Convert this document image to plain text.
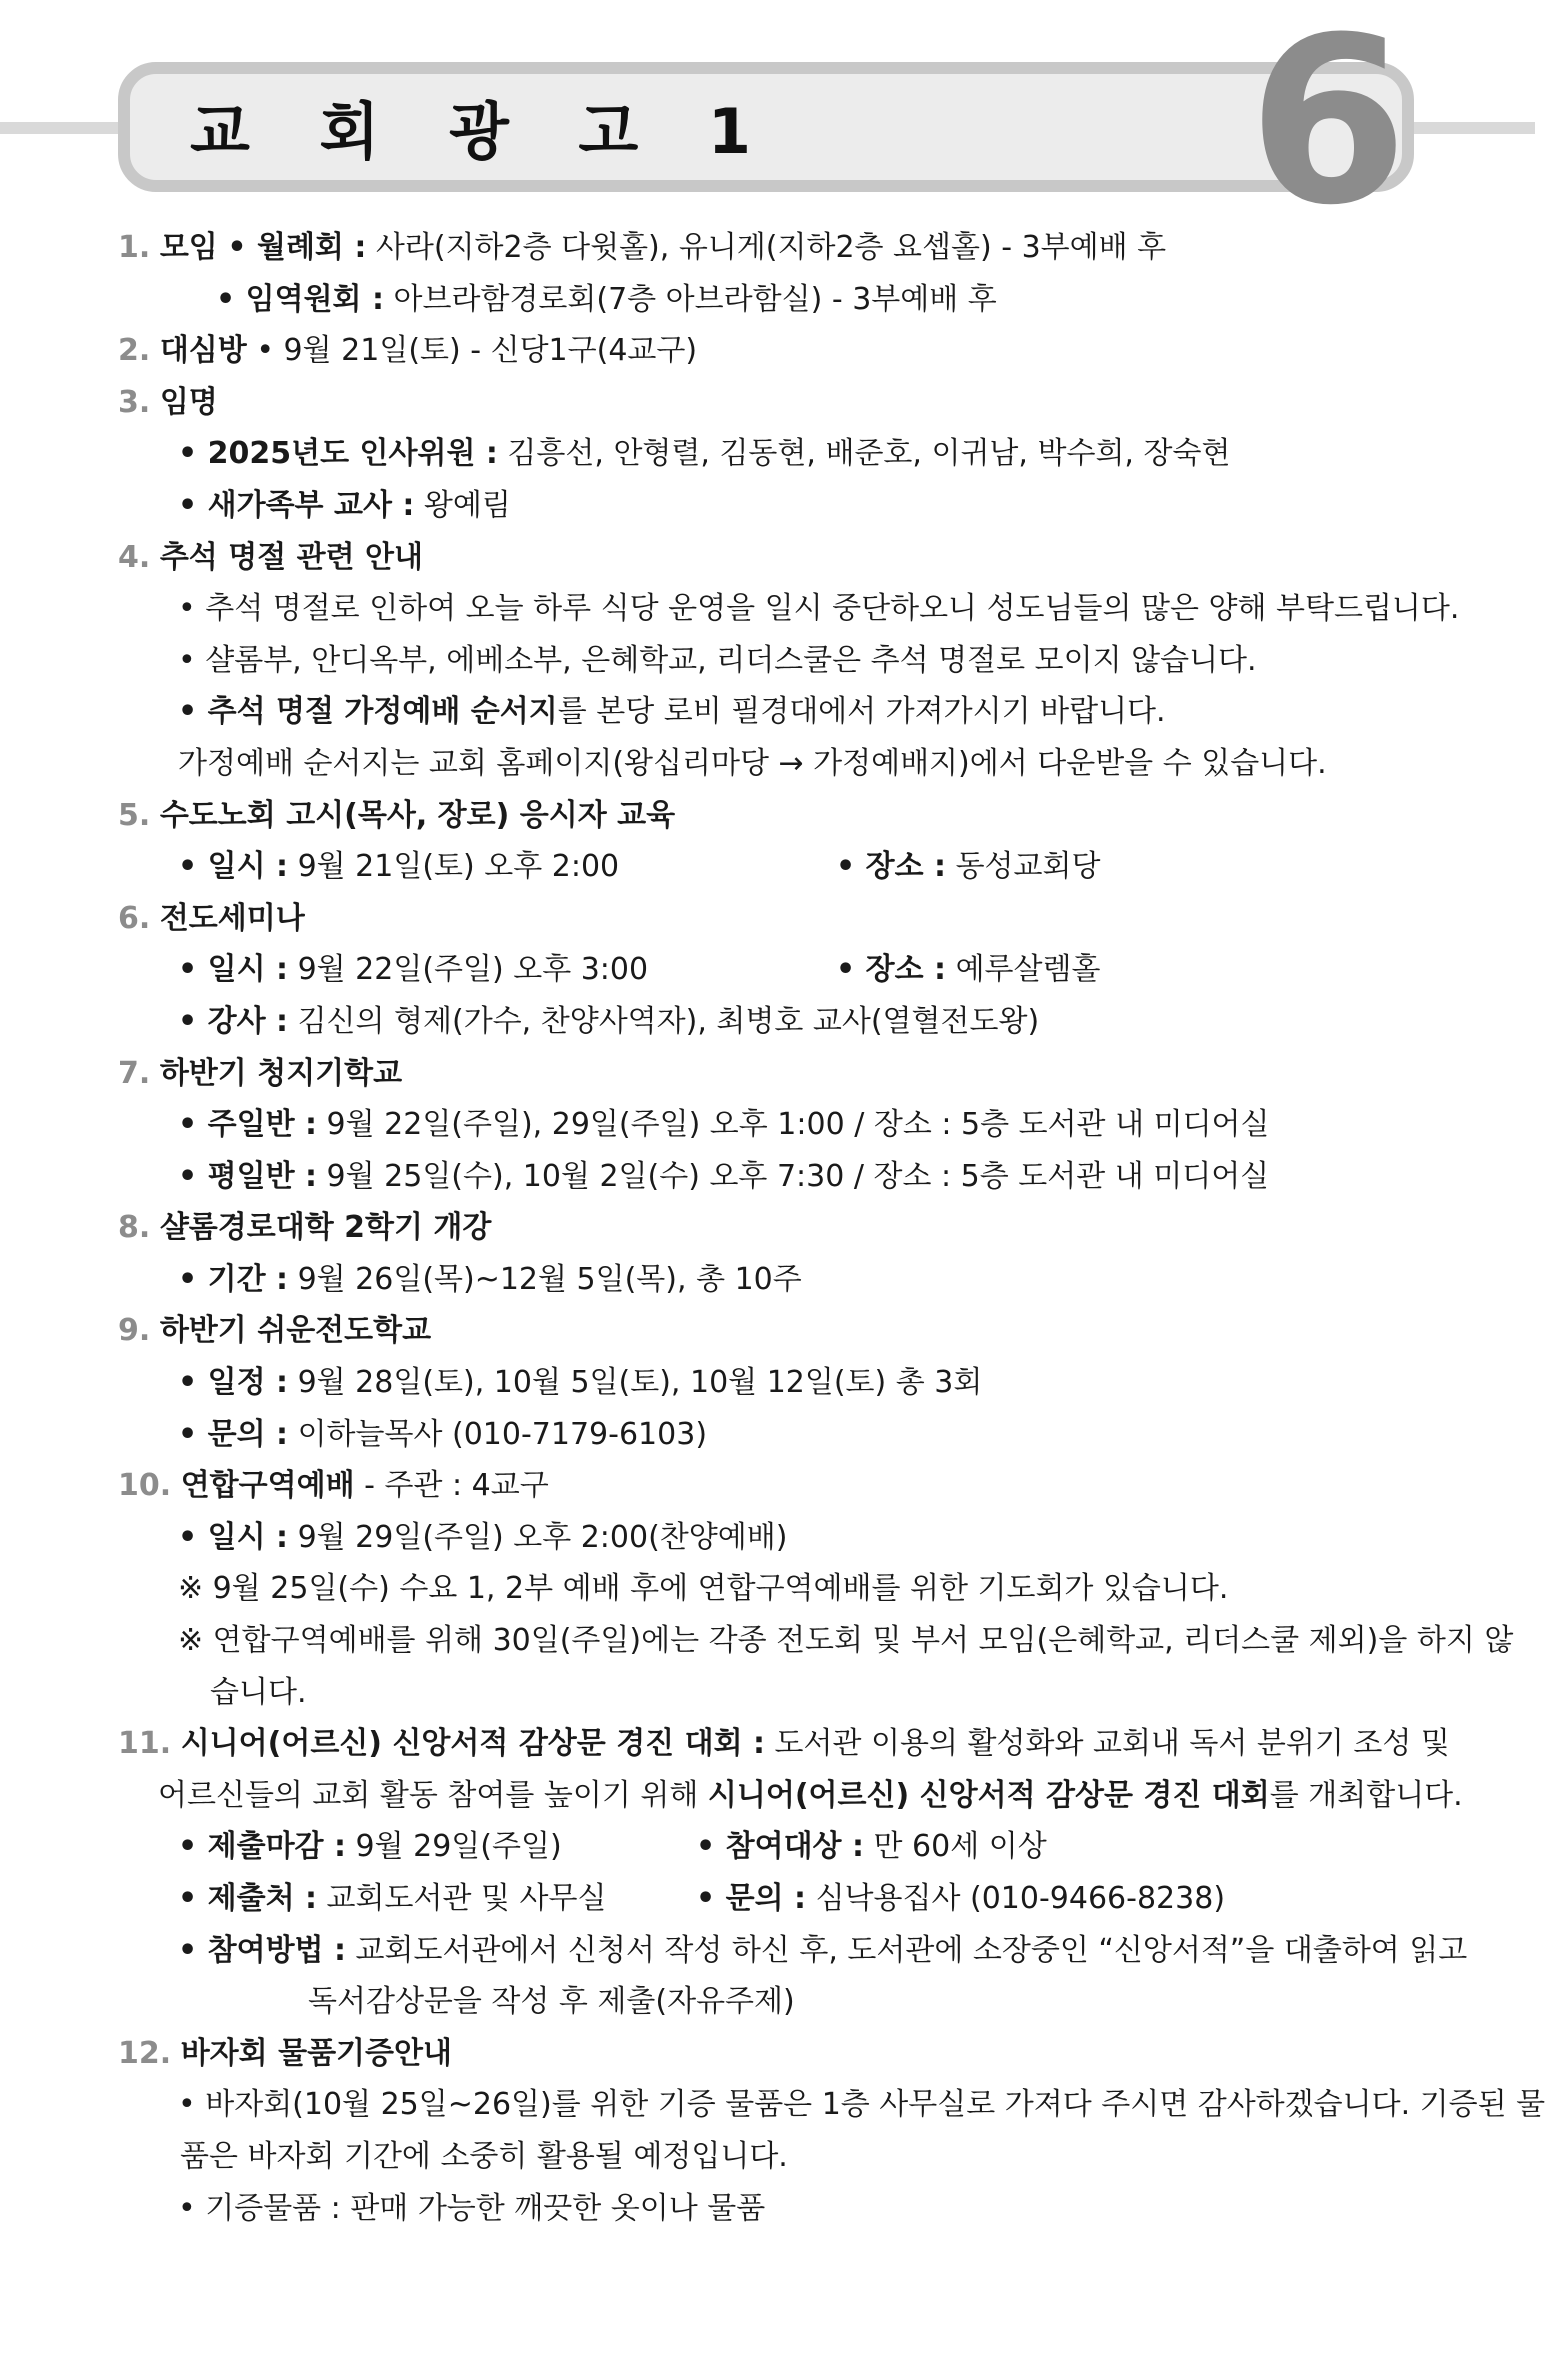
교 회 광 고 1 6
1. 모임 • 월례회 : 사라(지하2층 다윗홀), 유니게(지하2층 요셉홀) - 3부예배 후
• 임역원회 : 아브라함경로회(7층 아브라함실) - 3부예배 후
2. 대심방 • 9월 21일(토) - 신당1구(4교구)
3. 임명
• 2025년도 인사위원 : 김흥선, 안형렬, 김동현, 배준호, 이귀남, 박수희, 장숙현
• 새가족부 교사 : 왕예림
4. 추석 명절 관련 안내
• 추석 명절로 인하여 오늘 하루 식당 운영을 일시 중단하오니 성도님들의 많은 양해 부탁드립니다.
• 샬롬부, 안디옥부, 에베소부, 은혜학교, 리더스쿨은 추석 명절로 모이지 않습니다.
• 추석 명절 가정예배 순서지를 본당 로비 필경대에서 가져가시기 바랍니다.
가정예배 순서지는 교회 홈페이지(왕십리마당 → 가정예배지)에서 다운받을 수 있습니다.
5. 수도노회 고시(목사, 장로) 응시자 교육
• 일시 : 9월 21일(토) 오후 2:00	• 장소 : 동성교회당
6. 전도세미나
• 일시 : 9월 22일(주일) 오후 3:00	• 장소 : 예루살렘홀
• 강사 : 김신의 형제(가수, 찬양사역자), 최병호 교사(열혈전도왕)
7. 하반기 청지기학교
• 주일반 : 9월 22일(주일), 29일(주일) 오후 1:00 / 장소 : 5층 도서관 내 미디어실
• 평일반 : 9월 25일(수), 10월 2일(수) 오후 7:30 / 장소 : 5층 도서관 내 미디어실
8. 샬롬경로대학 2학기 개강
• 기간 : 9월 26일(목)~12월 5일(목), 총 10주
9. 하반기 쉬운전도학교
• 일정 : 9월 28일(토), 10월 5일(토), 10월 12일(토) 총 3회
• 문의 : 이하늘목사 (010-7179-6103)
10. 연합구역예배 - 주관 : 4교구
• 일시 : 9월 29일(주일) 오후 2:00(찬양예배)
※ 9월 25일(수) 수요 1, 2부 예배 후에 연합구역예배를 위한 기도회가 있습니다.
※ 연합구역예배를 위해 30일(주일)에는 각종 전도회 및 부서 모임(은혜학교, 리더스쿨 제외)을 하지 않
습니다.
11. 시니어(어르신) 신앙서적 감상문 경진 대회 : 도서관 이용의 활성화와 교회내 독서 분위기 조성 및
어르신들의 교회 활동 참여를 높이기 위해 시니어(어르신) 신앙서적 감상문 경진 대회를 개최합니다.
• 제출마감 : 9월 29일(주일)	• 참여대상 : 만 60세 이상
• 제출처 : 교회도서관 및 사무실	• 문의 : 심낙용집사 (010-9466-8238)
• 참여방법 : 교회도서관에서 신청서 작성 하신 후, 도서관에 소장중인 “신앙서적”을 대출하여 읽고
독서감상문을 작성 후 제출(자유주제)
12. 바자회 물품기증안내
• 바자회(10월 25일~26일)를 위한 기증 물품은 1층 사무실로 가져다 주시면 감사하겠습니다. 기증된 물
품은 바자회 기간에 소중히 활용될 예정입니다.
• 기증물품 : 판매 가능한 깨끗한 옷이나 물품
